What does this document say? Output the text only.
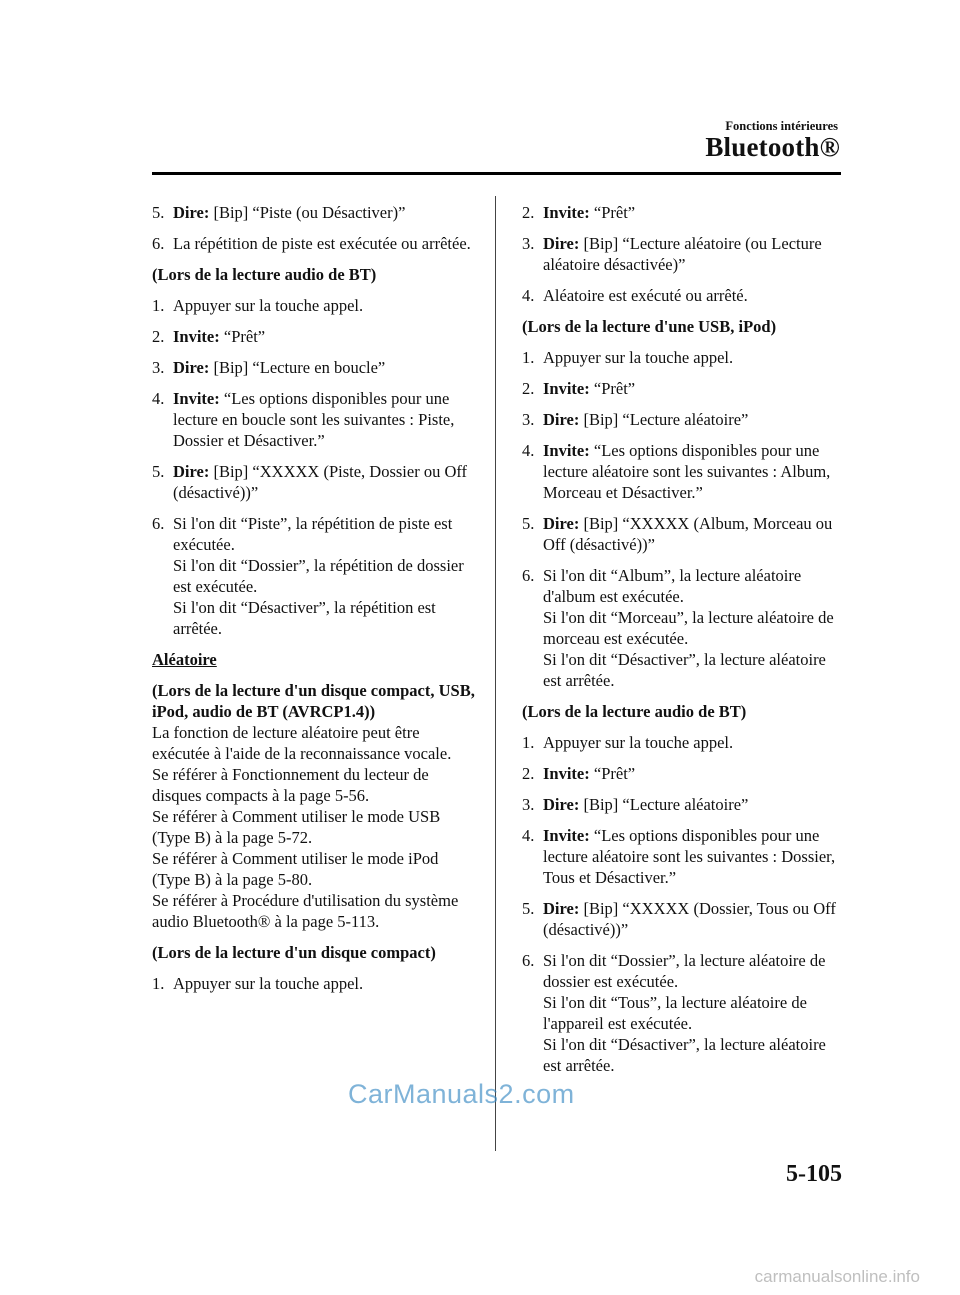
Fonctions intérieures
Bluetooth®
5. Dire: [Bip] “Piste (ou Désactiver)”
6. La répétition de piste est exécutée ou arrêtée.
(Lors de la lecture audio de BT)
1. Appuyer sur la touche appel.
2. Invite: “Prêt”
3. Dire: [Bip] “Lecture en boucle”
4. Invite: “Les options disponibles pour une lecture en boucle sont les suivantes : Piste, Dossier et Désactiver.”
5. Dire: [Bip] “XXXXX (Piste, Dossier ou Off (désactivé))”
6. Si l'on dit “Piste”, la répétition de piste est exécutée.
Si l'on dit “Dossier”, la répétition de dossier est exécutée.
Si l'on dit “Désactiver”, la répétition est arrêtée.
Aléatoire
(Lors de la lecture d'un disque compact, USB, iPod, audio de BT (AVRCP1.4))

La fonction de lecture aléatoire peut être exécutée à l'aide de la reconnaissance vocale.

Se référer à Fonctionnement du lecteur de disques compacts à la page 5-56.

Se référer à Comment utiliser le mode USB (Type B) à la page 5-72.

Se référer à Comment utiliser le mode iPod (Type B) à la page 5-80.

Se référer à Procédure d'utilisation du système audio Bluetooth® à la page 5-113.

(Lors de la lecture d'un disque compact)
1. Appuyer sur la touche appel.
2. Invite: “Prêt”
3. Dire: [Bip] “Lecture aléatoire (ou Lecture aléatoire désactivée)”
4. Aléatoire est exécuté ou arrêté.
(Lors de la lecture d'une USB, iPod)
1. Appuyer sur la touche appel.
2. Invite: “Prêt”
3. Dire: [Bip] “Lecture aléatoire”
4. Invite: “Les options disponibles pour une lecture aléatoire sont les suivantes : Album, Morceau et Désactiver.”
5. Dire: [Bip] “XXXXX (Album, Morceau ou Off (désactivé))”
6. Si l'on dit “Album”, la lecture aléatoire d'album est exécutée.
Si l'on dit “Morceau”, la lecture aléatoire de morceau est exécutée.
Si l'on dit “Désactiver”, la lecture aléatoire est arrêtée.
(Lors de la lecture audio de BT)
1. Appuyer sur la touche appel.
2. Invite: “Prêt”
3. Dire: [Bip] “Lecture aléatoire”
4. Invite: “Les options disponibles pour une lecture aléatoire sont les suivantes : Dossier, Tous et Désactiver.”
5. Dire: [Bip] “XXXXX (Dossier, Tous ou Off (désactivé))”
6. Si l'on dit “Dossier”, la lecture aléatoire de dossier est exécutée.
Si l'on dit “Tous”, la lecture aléatoire de l'appareil est exécutée.
Si l'on dit “Désactiver”, la lecture aléatoire est arrêtée.
5-105
CarManuals2.com
carmanualsonline.info
